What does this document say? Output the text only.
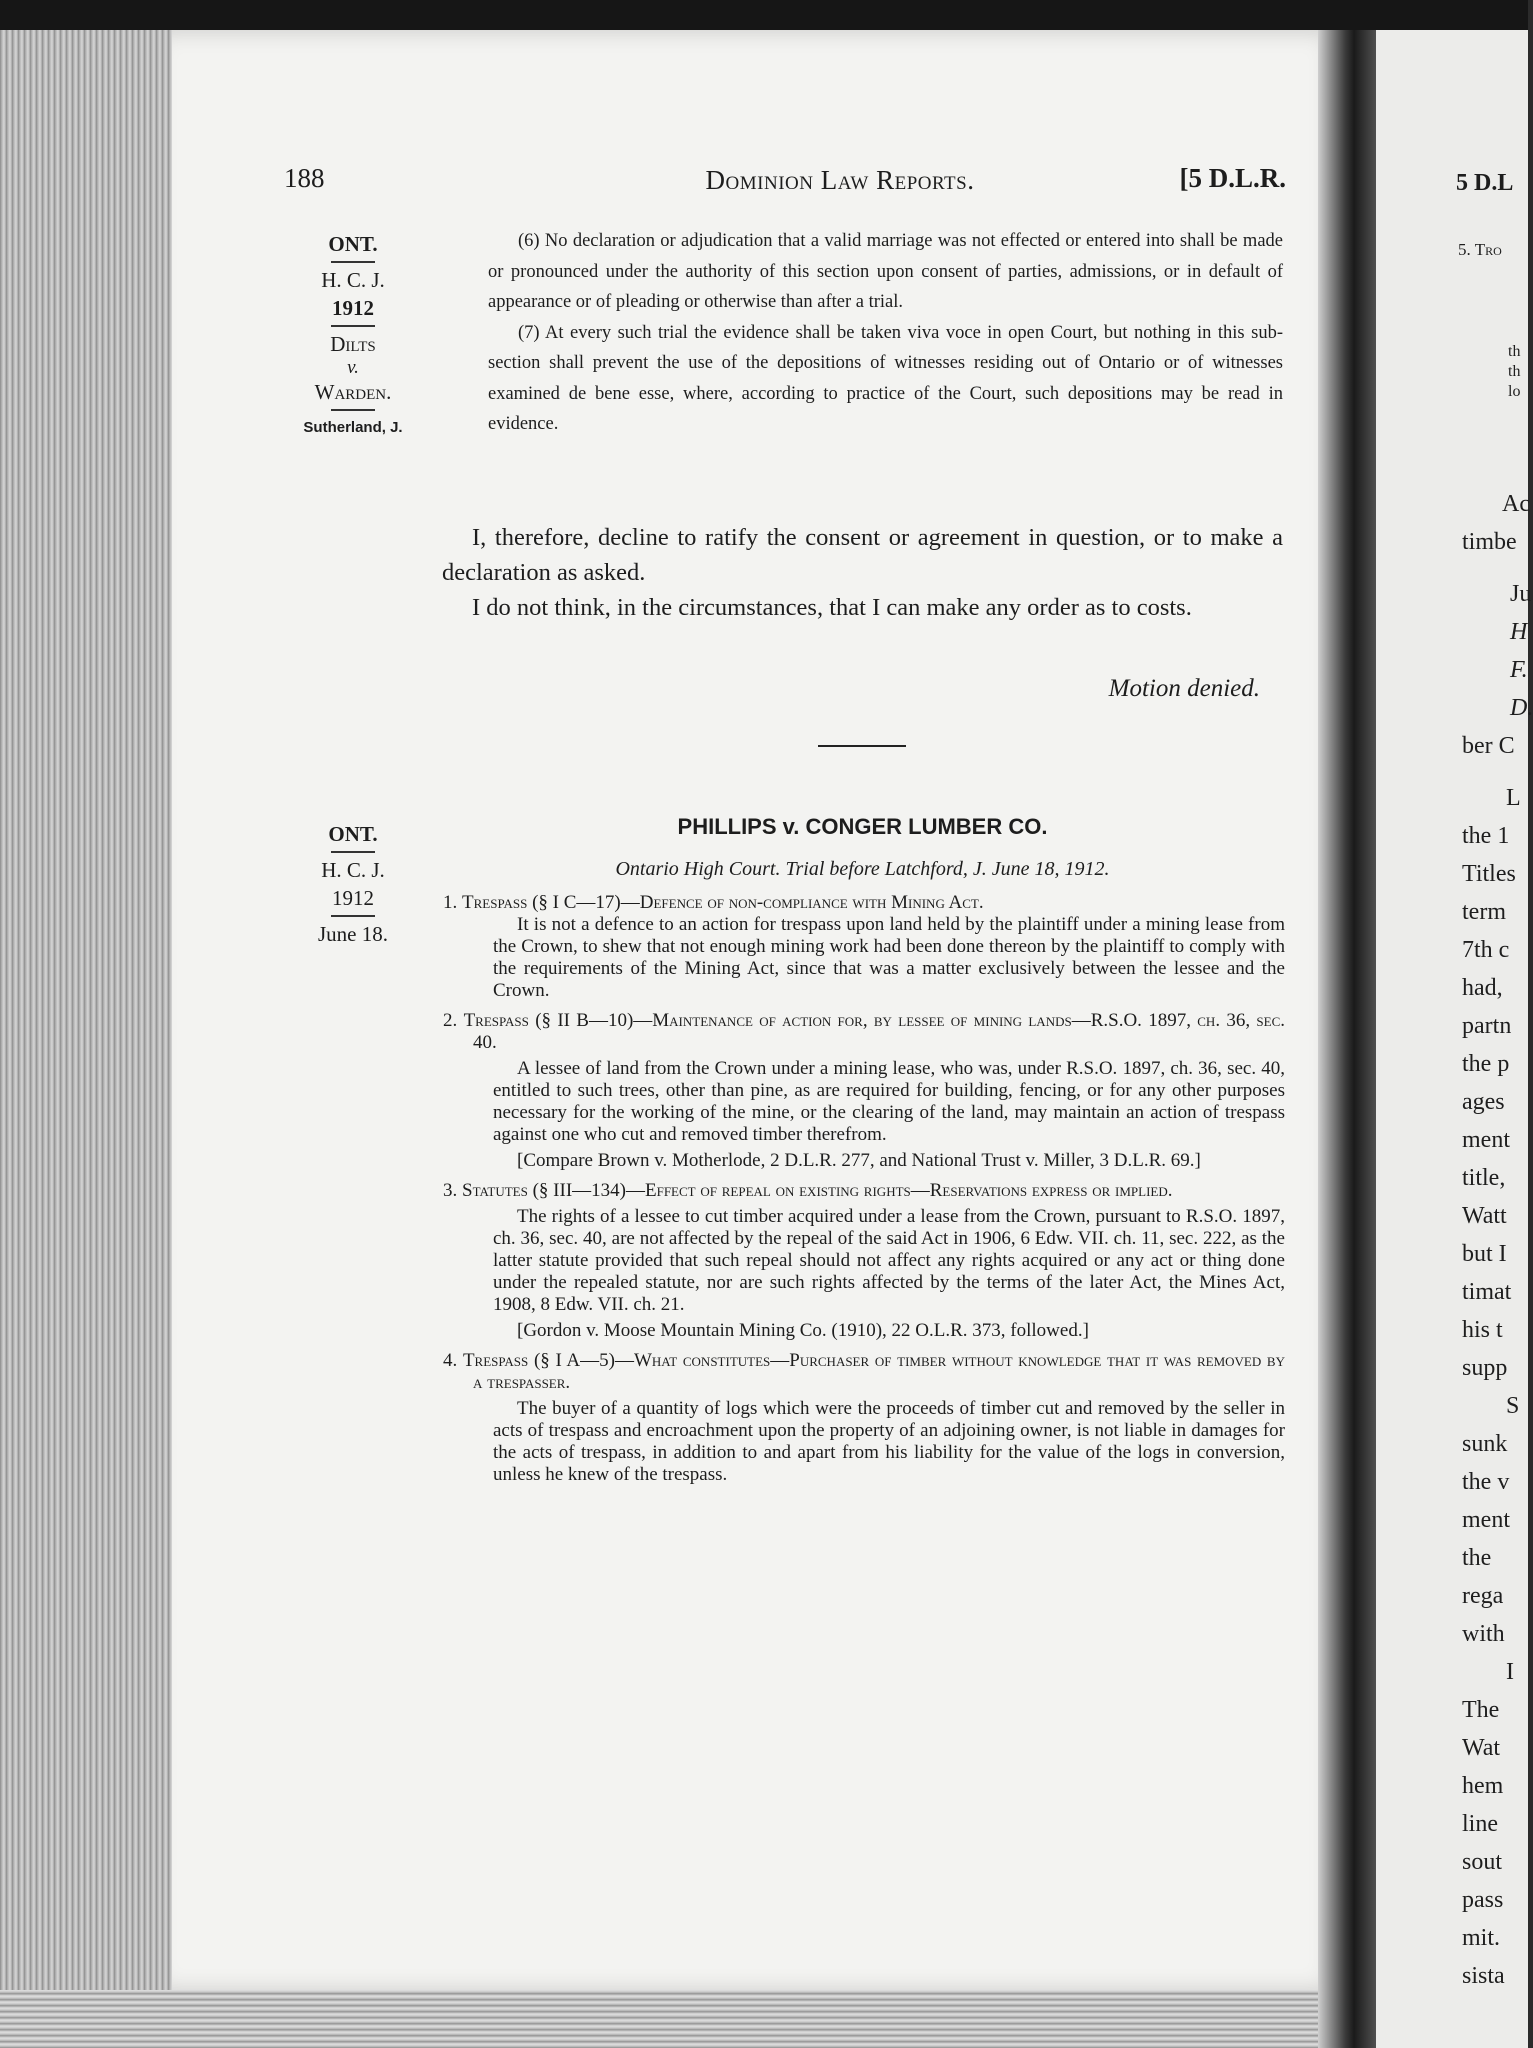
188	Dominion Law Reports.	[5 D.L.R.
ONT.
H. C. J.
1912
Dilts
v.
Warden.
Sutherland, J.
(6) No declaration or adjudication that a valid marriage was not effected or entered into shall be made or pronounced under the authority of this section upon consent of parties, admissions, or in default of appearance or of pleading or otherwise than after a trial.
(7) At every such trial the evidence shall be taken viva voce in open Court, but nothing in this sub-section shall prevent the use of the depositions of witnesses residing out of Ontario or of witnesses examined de bene esse, where, according to practice of the Court, such depositions may be read in evidence.
I, therefore, decline to ratify the consent or agreement in question, or to make a declaration as asked.
I do not think, in the circumstances, that I can make any order as to costs.
Motion denied.
ONT.
H. C. J.
1912
June 18.
PHILLIPS v. CONGER LUMBER CO.
Ontario High Court. Trial before Latchford, J. June 18, 1912.
1. Trespass (§ I C—17)—Defence of non-compliance with Mining Act.
It is not a defence to an action for trespass upon land held by the plaintiff under a mining lease from the Crown, to shew that not enough mining work had been done thereon by the plaintiff to comply with the requirements of the Mining Act, since that was a matter exclusively between the lessee and the Crown.
2. Trespass (§ II B—10)—Maintenance of action for, by lessee of mining lands—R.S.O. 1897, ch. 36, sec. 40.
A lessee of land from the Crown under a mining lease, who was, under R.S.O. 1897, ch. 36, sec. 40, entitled to such trees, other than pine, as are required for building, fencing, or for any other purposes necessary for the working of the mine, or the clearing of the land, may maintain an action of trespass against one who cut and removed timber therefrom.
[Compare Brown v. Motherlode, 2 D.L.R. 277, and National Trust v. Miller, 3 D.L.R. 69.]
3. Statutes (§ III—134)—Effect of repeal on existing rights—Reservations express or implied.
The rights of a lessee to cut timber acquired under a lease from the Crown, pursuant to R.S.O. 1897, ch. 36, sec. 40, are not affected by the repeal of the said Act in 1906, 6 Edw. VII. ch. 11, sec. 222, as the latter statute provided that such repeal should not affect any rights acquired or any act or thing done under the repealed statute, nor are such rights affected by the terms of the later Act, the Mines Act, 1908, 8 Edw. VII. ch. 21.
[Gordon v. Moose Mountain Mining Co. (1910), 22 O.L.R. 373, followed.]
4. Trespass (§ I A—5)—What constitutes—Purchaser of timber without knowledge that it was removed by a trespasser.
The buyer of a quantity of logs which were the proceeds of timber cut and removed by the seller in acts of trespass and encroachment upon the property of an adjoining owner, is not liable in damages for the acts of trespass, in addition to and apart from his liability for the value of the logs in conversion, unless he knew of the trespass.
5 D.L
5. Tro
th
th
lo
Ac
timbe
Ju
H
F.
D.
ber C
L
the 1
Titles
term
7th c
had,
partn
the p
ages
ment
title,
Watt
but I
timat
his t
supp
S
sunk
the v
ment
the
rega
with
I
The
Wat
hem
line
sout
pass
mit.
sista
